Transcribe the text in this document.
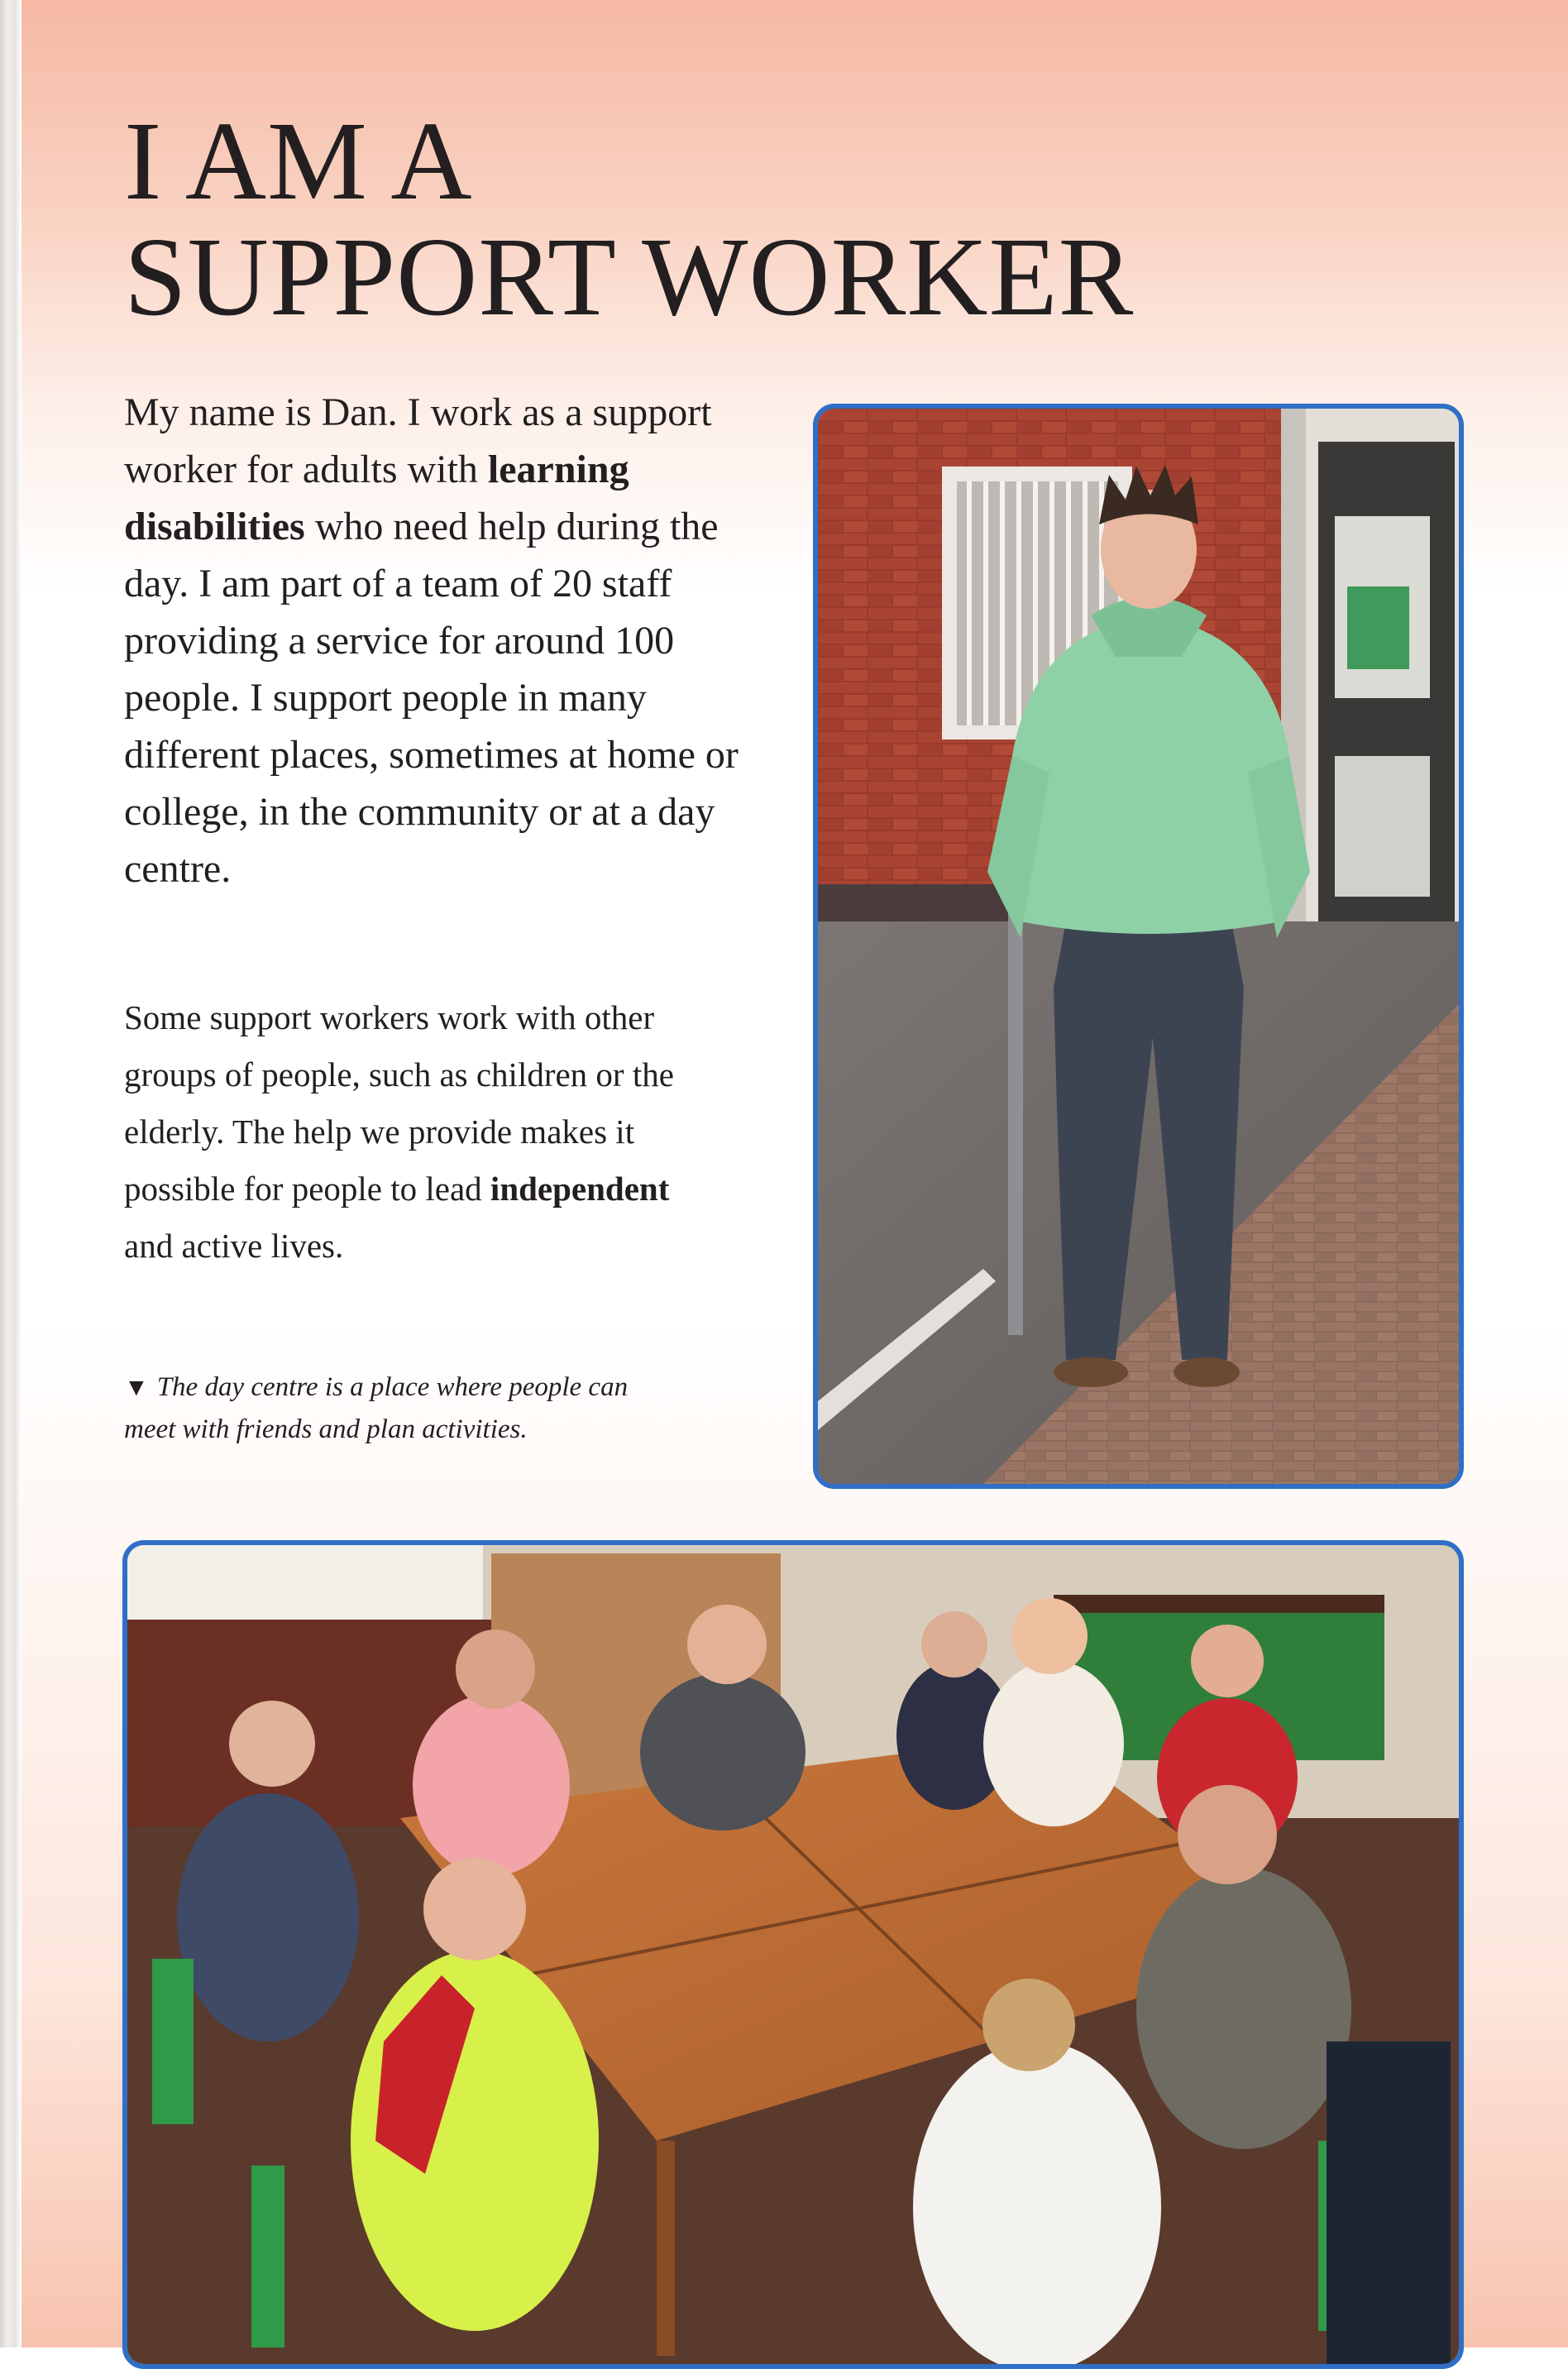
I AM A
SUPPORT WORKER

My name is Dan. I work as a support worker for adults with learning disabilities who need help during the day. I am part of a team of 20 staff providing a service for around 100 people. I support people in many different places, sometimes at home or college, in the community or at a day centre.

Some support workers work with other groups of people, such as children or the elderly. The help we provide makes it possible for people to lead independent and active lives.

▼ The day centre is a place where people can meet with friends and plan activities.
